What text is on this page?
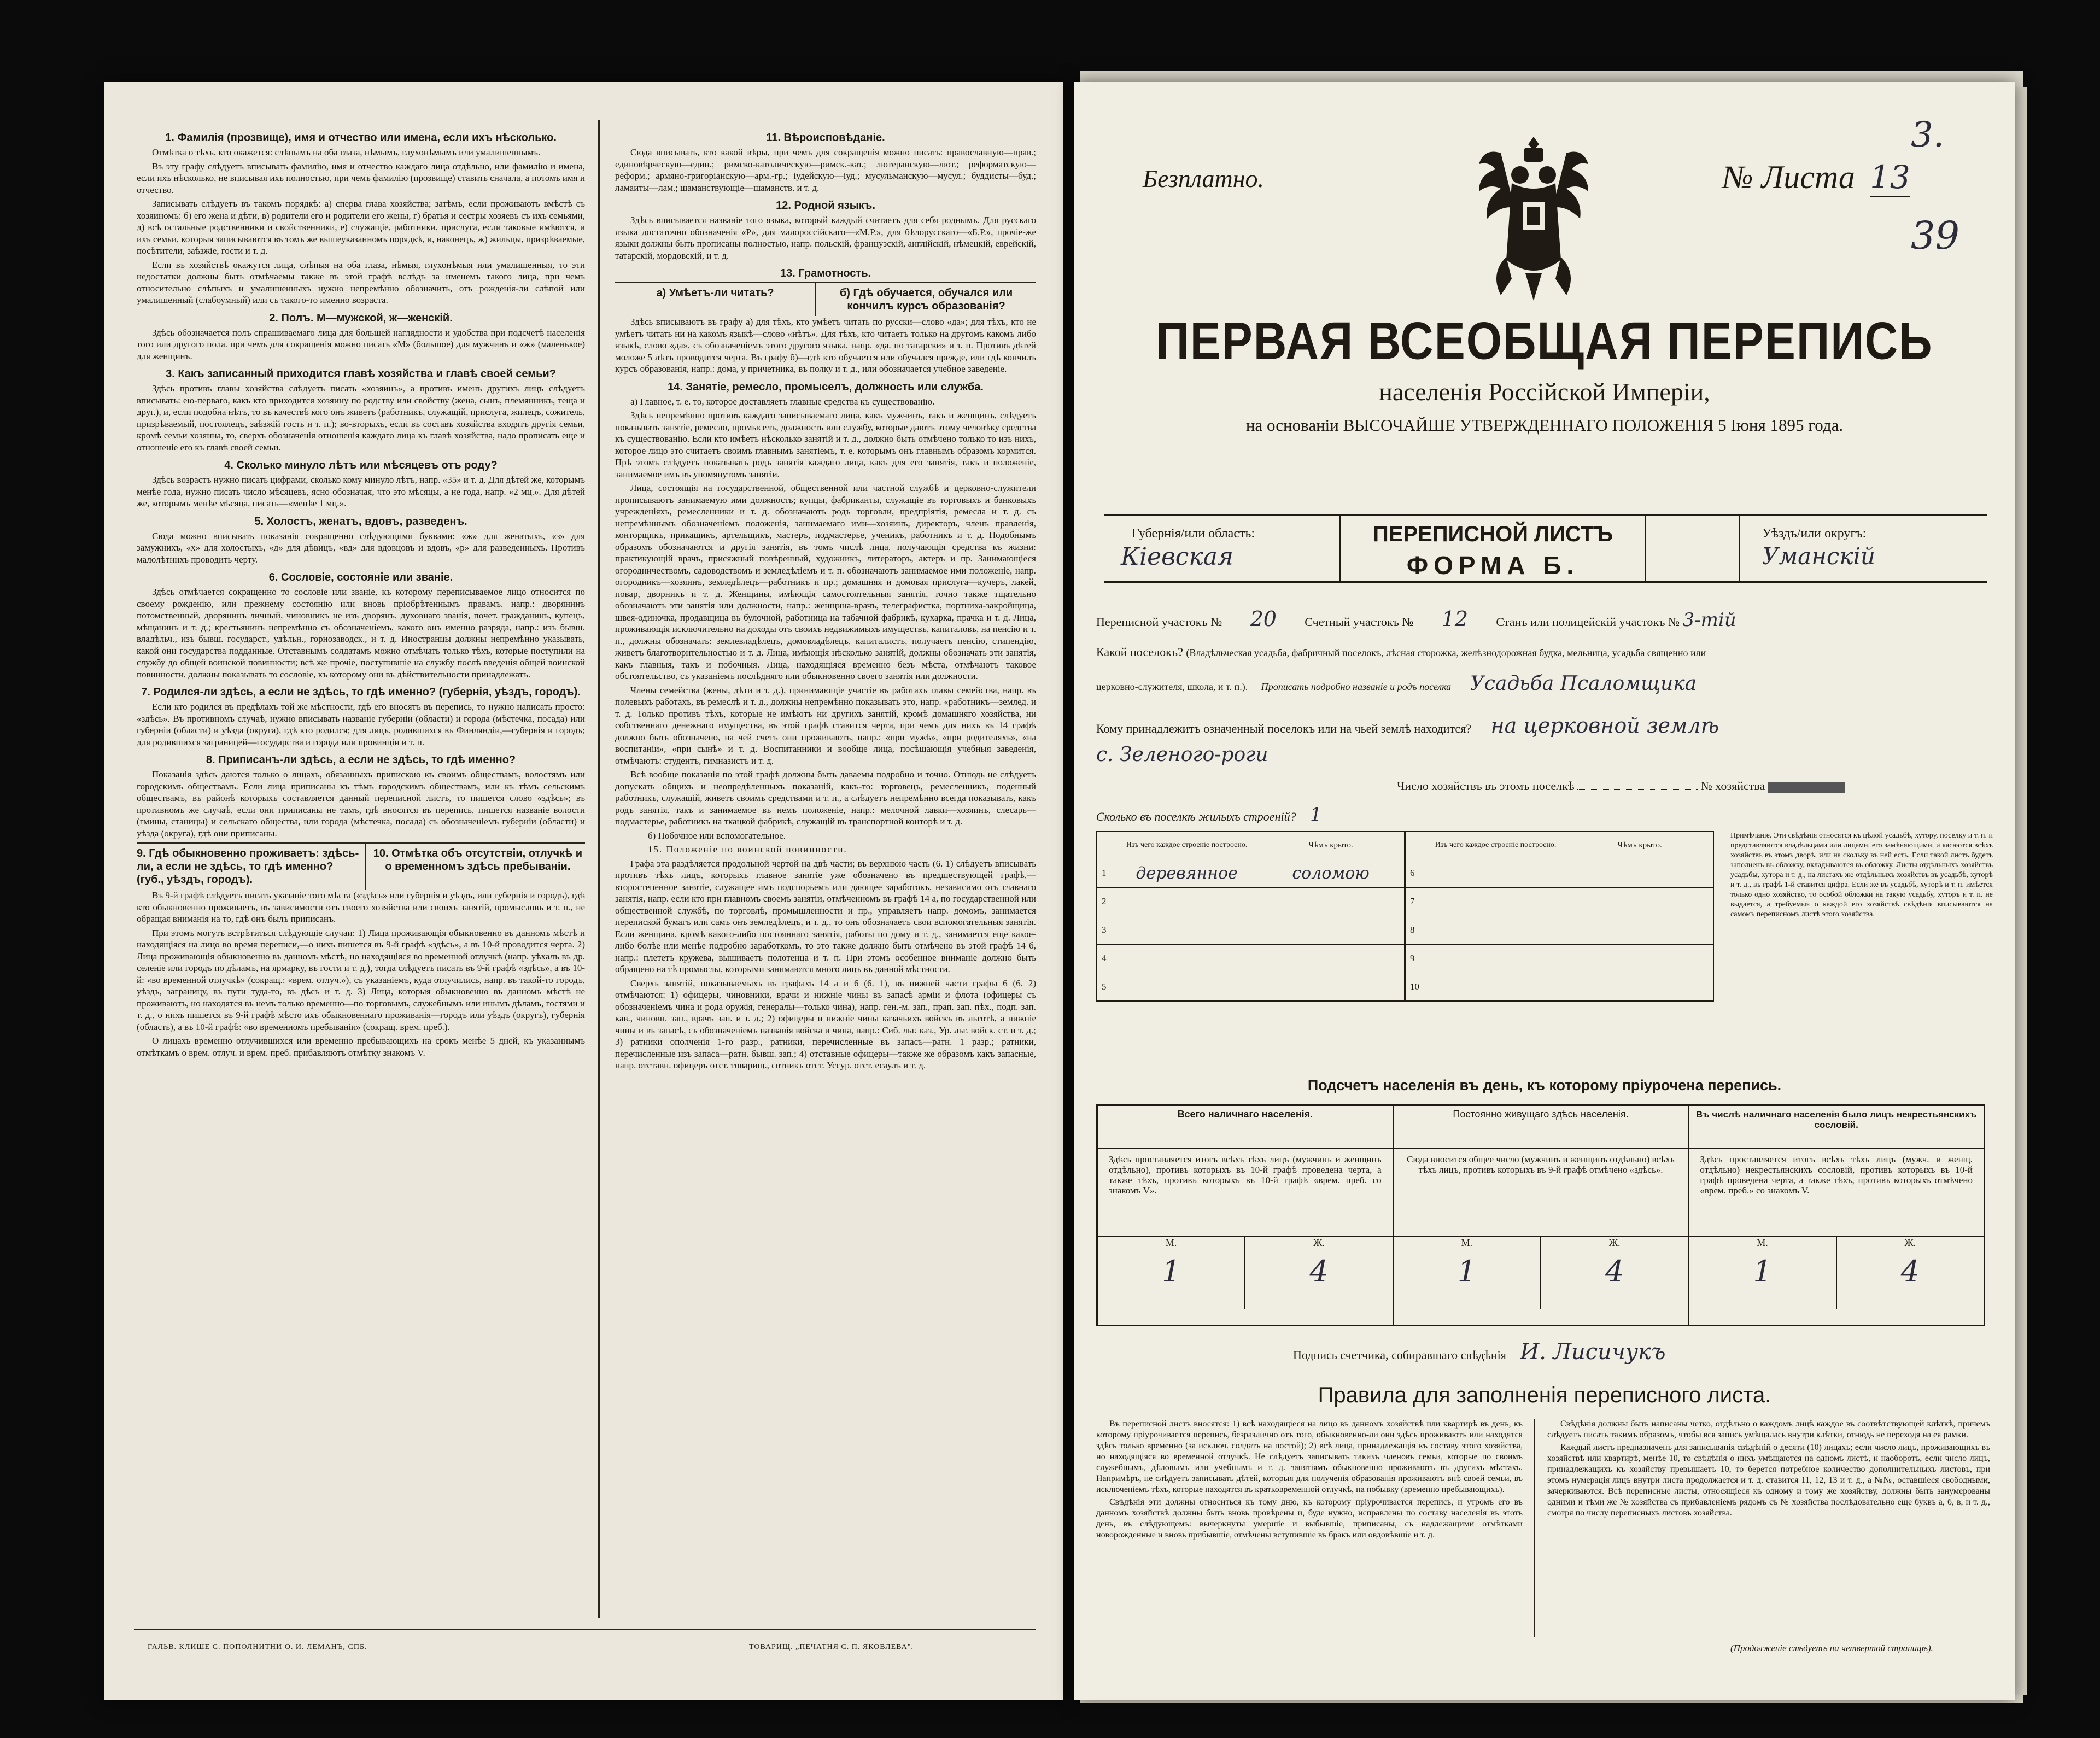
1. Фамилія (прозвище), имя и отчество или имена, если ихъ нѣсколько.

Отмѣтка о тѣхъ, кто окажется: слѣпымъ на оба глаза, нѣмымъ, глухонѣмымъ или умалишеннымъ.

Въ эту графу слѣдуетъ вписывать фамилію, имя и отчество каждаго лица отдѣльно, или фамилію и имена, если ихъ нѣсколько, не вписывая ихъ полностью, при чемъ фамилію (прозвище) ставить сначала, а потомъ имя и отчество.

Записывать слѣдуетъ въ такомъ порядкѣ: а) сперва глава хозяйства; затѣмъ, если проживаютъ вмѣстѣ съ хозяиномъ: б) его жена и дѣти, в) родители его и родители его жены, г) братья и сестры хозяевъ съ ихъ семьями, д) всѣ остальные родственники и свойственники, е) служащіе, работники, прислуга, если таковые имѣются, и ихъ семьи, которыя записываются въ томъ же вышеуказанномъ порядкѣ, и, наконецъ, ж) жильцы, призрѣваемые, посѣтители, заѣзжіе, гости и т. д.

Если въ хозяйствѣ окажутся лица, слѣпыя на оба глаза, нѣмыя, глухонѣмыя или умалишенныя, то эти недостатки должны быть отмѣчаемы также въ этой графѣ вслѣдъ за именемъ такого лица, при чемъ относительно слѣпыхъ и умалишенныхъ нужно непремѣнно обозначить, отъ рожденія-ли слѣпой или умалишенный (слабоумный) или съ такого-то именно возраста.

2. Полъ. М—мужской, ж—женскій.

Здѣсь обозначается полъ спрашиваемаго лица для большей наглядности и удобства при подсчетѣ населенія того или другого пола. при чемъ для сокращенія можно писать «М» (большое) для мужчинъ и «ж» (маленькое) для женщинъ.

3. Какъ записанный приходится главѣ хозяйства и главѣ своей семьи?

Здѣсь противъ главы хозяйства слѣдуетъ писать «хозяинъ», а противъ именъ другихъ лицъ слѣдуетъ вписывать: ею-перваго, какъ кто приходится хозяину по родству или свойству (жена, сынъ, племянникъ, теща и друг.), и, если подобна нѣтъ, то въ качествѣ кого онъ живетъ (работникъ, служащій, прислуга, жилецъ, сожитель, призрѣваемый, постоялецъ, заѣзжій гость и т. п.); во-вторыхъ, если въ составъ хозяйства входятъ другія семьи, кромѣ семьи хозяина, то, сверхъ обозначенія отношенія каждаго лица къ главѣ хозяйства, надо прописать еще и отношеніе его къ главѣ своей семьи.

4. Сколько минуло лѣтъ или мѣсяцевъ отъ роду?

Здѣсь возрастъ нужно писать цифрами, сколько кому минуло лѣтъ, напр. «35» и т. д. Для дѣтей же, которымъ менѣе года, нужно писать число мѣсяцевъ, ясно обозначая, что это мѣсяцы, а не года, напр. «2 мц.». Для дѣтей же, которымъ менѣе мѣсяца, писать—«менѣе 1 мц.».

5. Холостъ, женатъ, вдовъ, разведенъ.

Сюда можно вписывать показанія сокращенно слѣдующими буквами: «ж» для женатыхъ, «з» для замужнихъ, «х» для холостыхъ, «д» для дѣвицъ, «вд» для вдовцовъ и вдовъ, «р» для разведенныхъ. Противъ малолѣтнихъ проводить черту.

6. Сословіе, состояніе или званіе.

Здѣсь отмѣчается сокращенно то сословіе или званіе, къ которому переписываемое лицо относится по своему рожденію, или прежнему состоянію или вновь пріобрѣтеннымъ правамъ. напр.: дворянинъ потомственный, дворянинъ личный, чиновникъ не изъ дворянъ, духовнаго званія, почет. гражданинъ, купецъ, мѣщанинъ и т. д.; крестьянинъ непремѣнно съ обозначеніемъ, какого онъ именно разряда, напр.: изъ бывш. владѣльч., изъ бывш. государст., удѣльн., горнозаводск., и т. д. Иностранцы должны непремѣнно указывать, какой они государства подданные. Отставнымъ солдатамъ можно отмѣчать только тѣхъ, которые поступили на службу до общей воинской повинности; всѣ же прочіе, поступившіе на службу послѣ введенія общей воинской повинности, должны показывать то сословіе, къ которому они въ дѣйствительности принадлежатъ.

7. Родился-ли здѣсь, а если не здѣсь, то гдѣ именно? (губернія, уѣздъ, городъ).

Если кто родился въ предѣлахъ той же мѣстности, гдѣ его вносятъ въ перепись, то нужно написать просто: «здѣсь». Въ противномъ случаѣ, нужно вписывать названіе губерніи (области) и города (мѣстечка, посада) или губерніи (области) и уѣзда (округа), гдѣ кто родился; для лицъ, родившихся въ Финляндіи,—губернія и городъ; для родившихся заграницей—государства и города или провинціи и т. п.

8. Приписанъ-ли здѣсь, а если не здѣсь, то гдѣ именно?

Показанія здѣсь даются только о лицахъ, обязанныхъ припискою къ своимъ обществамъ, волостямъ или городскимъ обществамъ. Если лица приписаны къ тѣмъ городскимъ обществамъ, или къ тѣмъ сельскимъ обществамъ, въ районѣ которыхъ составляется данный переписной листъ, то пишется слово «здѣсь»; въ противномъ же случаѣ, если они приписаны не тамъ, гдѣ вносятся въ перепись, пишется названіе волости (гмины, станицы) и сельскаго общества, или города (мѣстечка, посада) съ обозначеніемъ губерніи (области) и уѣзда (округа), гдѣ они приписаны.

9. Гдѣ обыкновенно проживаетъ: здѣсь-ли, а если не здѣсь, то гдѣ именно? (губ., уѣздъ, городъ).
10. Отмѣтка объ отсутствіи, отлучкѣ и о временномъ здѣсь пребываніи.

Въ 9-й графѣ слѣдуетъ писать указаніе того мѣста («здѣсь» или губернія и уѣздъ, или губернія и городъ), гдѣ кто обыкновенно проживаетъ, въ зависимости отъ своего хозяйства или своихъ занятій, промысловъ и т. п., не обращая вниманія на то, гдѣ онъ былъ приписанъ.

При этомъ могутъ встрѣтиться слѣдующіе случаи: 1) Лица проживающія обыкновенно въ данномъ мѣстѣ и находящіяся на лицо во время переписи,—о нихъ пишется въ 9-й графѣ «здѣсь», а въ 10-й проводится черта. 2) Лица проживающія обыкновенно въ данномъ мѣстѣ, но находящіяся во временной отлучкѣ (напр. уѣхалъ въ др. селеніе или городъ по дѣламъ, на ярмарку, въ гости и т. д.), тогда слѣдуетъ писать въ 9-й графѣ «здѣсь», а въ 10-й: «во временной отлучкѣ» (сокращ.: «врем. отлуч.»), съ указаніемъ, куда отлучились, напр. въ такой-то городъ, уѣздъ, заграницу, въ пути туда-то, въ дѣсъ и т. д. 3) Лица, которыя обыкновенно въ данномъ мѣстѣ не проживаютъ, но находятся въ немъ только временно—по торговымъ, служебнымъ или инымъ дѣламъ, гостями и т. д., о нихъ пишется въ 9-й графѣ мѣсто ихъ обыкновеннаго проживанія—городъ или уѣздъ (округъ), губернія (область), а въ 10-й графѣ: «во временномъ пребываніи» (сокращ. врем. преб.).

О лицахъ временно отлучившихся или временно пребывающихъ на срокъ менѣе 5 дней, къ указаннымъ отмѣткамъ о врем. отлуч. и врем. преб. прибавляютъ отмѣтку знакомъ V.

11. Вѣроисповѣданіе.

Сюда вписывать, кто какой вѣры, при чемъ для сокращенія можно писать: православную—прав.; единовѣрческую—един.; римско-католическую—римск.-кат.; лютеранскую—лют.; реформатскую—реформ.; армяно-григоріанскую—арм.-гр.; іудейскую—іуд.; мусульманскую—мусул.; буддисты—буд.; ламаиты—лам.; шаманствующіе—шаманств. и т. д.

12. Родной языкъ.

Здѣсь вписывается названіе того языка, который каждый считаетъ для себя роднымъ. Для русскаго языка достаточно обозначенія «Р», для малороссійскаго—«М.Р.», для бѣлорусскаго—«Б.Р.», прочіе-же языки должны быть прописаны полностью, напр. польскій, французскій, англійскій, нѣмецкій, еврейскій, татарскій, мордовскій, и т. д.

13. Грамотность.
а) Умѣетъ-ли читать?	б) Гдѣ обучается, обучался или кончилъ курсъ образованія?

Здѣсь вписываютъ въ графу а) для тѣхъ, кто умѣетъ читать по русски—слово «да»; для тѣхъ, кто не умѣетъ читать ни на какомъ языкѣ—слово «нѣтъ». Для тѣхъ, кто читаетъ только на другомъ какомъ либо языкѣ, слово «да», съ обозначеніемъ этого другого языка, напр. «да. по татарски» и т. п. Противъ дѣтей моложе 5 лѣтъ проводится черта. Въ графу б)—гдѣ кто обучается или обучался прежде, или гдѣ кончилъ курсъ образованія, напр.: дома, у причетника, въ полку и т. д., или обозначается учебное заведеніе.

14. Занятіе, ремесло, промыселъ, должность или служба.

а) Главное, т. е. то, которое доставляетъ главные средства къ существованію.

Здѣсь непремѣнно противъ каждаго записываемаго лица, какъ мужчинъ, такъ и женщинъ, слѣдуетъ показывать занятіе, ремесло, промыселъ, должность или службу, которые даютъ этому человѣку средства къ существованію. Если кто имѣетъ нѣсколько занятій и т. д., должно быть отмѣчено только то изъ нихъ, которое лицо это считаетъ своимъ главнымъ занятіемъ, т. е. которымъ онъ главнымъ образомъ кормится. Прѣ этомъ слѣдуетъ показывать родъ занятія каждаго лица, какъ для его занятія, такъ и положеніе, занимаемое имъ въ упомянутомъ занятіи.

Лица, состоящія на государственной, общественной или частной службѣ и церковно-служители прописываютъ занимаемую ими должность; купцы, фабриканты, служащіе въ торговыхъ и банковыхъ учрежденіяхъ, ремесленники и т. д. обозначаютъ родъ торговли, предпріятія, ремесла и т. д. съ непремѣннымъ обозначеніемъ положенія, занимаемаго ими—хозяинъ, директоръ, членъ правленія, конторщикъ, прикащикъ, артельщикъ, мастеръ, подмастерье, ученикъ, работникъ и т. д. Подобнымъ образомъ обозначаются и другія занятія, въ томъ числѣ лица, получающія средства къ жизни: практикующій врачъ, присяжный повѣренный, художникъ, литераторъ, актеръ и пр. Занимающіеся огородничествомъ, садоводствомъ и земледѣліемъ и т. п. обозначаютъ занимаемое ими положеніе, напр. огородникъ—хозяинъ, земледѣлецъ—работникъ и пр.; домашняя и домовая прислуга—кучеръ, лакей, повар, дворникъ и т. д. Женщины, имѣющія самостоятельныя занятія, точно также тщательно обозначаютъ эти занятія или должности, напр.: женщина-врачъ, телеграфистка, портниха-закройщица, швея-одиночка, продавщица въ булочной, работница на табачной фабрикѣ, кухарка, прачка и т. д. Лица, проживающія исключительно на доходы отъ своихъ недвижимыхъ имуществъ, капиталовъ, на пенсію и т. п., должны обозначать: землевладѣлецъ, домовладѣлецъ, капиталистъ, получаетъ пенсію, стипендію, живетъ благотворительностью и т. д. Лица, имѣющія нѣсколько занятій, должны обозначать эти занятія, какъ главныя, такъ и побочныя. Лица, находящіяся временно безъ мѣста, отмѣчаютъ таковое обстоятельство, съ указаніемъ послѣдняго или обыкновенно своего занятія или должности.

Члены семейства (жены, дѣти и т. д.), принимающіе участіе въ работахъ главы семейства, напр. въ полевыхъ работахъ, въ ремеслѣ и т. д., должны непремѣнно показывать это, напр. «работникъ—землед. и т. д. Только противъ тѣхъ, которые не имѣютъ ни другихъ занятій, кромѣ домашняго хозяйства, ни собственнаго денежнаго имущества, въ этой графѣ ставится черта, при чемъ для нихъ въ 14 графѣ должно быть обозначено, на чей счетъ они проживаютъ, напр.: «при мужѣ», «при родителяхъ», «на воспитаніи», «при сынѣ» и т. д. Воспитанники и вообще лица, посѣщающія учебныя заведенія, отмѣчаютъ: студентъ, гимназистъ и т. д.

Всѣ вообще показанія по этой графѣ должны быть даваемы подробно и точно. Отнюдь не слѣдуетъ допускать общихъ и неопредѣленныхъ показаній, какъ-то: торговецъ, ремесленникъ, поденный работникъ, служащій, живетъ своимъ средствами и т. п., а слѣдуетъ непремѣнно всегда показывать, какъ родъ занятія, такъ и занимаемое въ немъ положеніе, напр.: мелочной лавки—хозяинъ, слесарь—подмастерье, работникъ на ткацкой фабрикѣ, служащій въ транспортной конторѣ и т. д.

б) Побочное или вспомогательное.

15. Положеніе по воинской повинности.

Графа эта раздѣляется продольной чертой на двѣ части; въ верхнюю часть (6. 1) слѣдуетъ вписывать противъ тѣхъ лицъ, которыхъ главное занятіе уже обозначено въ предшествующей графѣ,—второстепенное занятіе, служащее имъ подспорьемъ или дающее заработокъ, независимо отъ главнаго занятія, напр. если кто при главномъ своемъ занятіи, отмѣченномъ въ графѣ 14 а, по государственной или общественной службѣ, по торговлѣ, промышленности и пр., управляетъ напр. домомъ, занимается перепиской бумагъ или самъ онъ земледѣлецъ, и т. д., то онъ обозначаетъ свои вспомогательныя занятія. Если женщина, кромѣ какого-либо постояннаго занятія, работы по дому и т. д., занимается еще какое-либо болѣе или менѣе подробно заработкомъ, то это также должно быть отмѣчено въ этой графѣ 14 б, напр.: плететъ кружева, вышиваетъ полотенца и т. п. При этомъ особенное вниманіе должно быть обращено на тѣ промыслы, которыми занимаются много лицъ въ данной мѣстности.

Сверхъ занятій, показываемыхъ въ графахъ 14 а и 6 (6. 1), въ нижней части графы 6 (6. 2) отмѣчаются: 1) офицеры, чиновники, врачи и нижніе чины въ запасѣ арміи и флота (офицеры съ обозначеніемъ чина и рода оружія, генералы—только чина), напр. ген.-м. зап., прап. зап. пѣх., подп. зап. кав., чиновн. зап., врачъ зап. и т. д.; 2) офицеры и нижніе чины казачьихъ войскъ въ льготѣ, а нижніе чины и въ запасѣ, съ обозначеніемъ названія войска и чина, напр.: Сиб. льг. каз., Ур. льг. войск. ст. и т. д.; 3) ратники ополченія 1-го разр., ратники, перечисленные въ запасъ—ратн. 1 разр.; ратники, перечисленные изъ запаса—ратн. бывш. зап.; 4) отставные офицеры—также же образомъ какъ запасные, напр. отставн. офицеръ отст. товарищ., сотникъ отст. Уссур. отст. есаулъ и т. д.

ГАЛЬВ. КЛИШЕ С. ПОПОЛНИТНИ О. И. ЛЕМАНЪ, СПБ.	ТОВАРИЩ. „ПЕЧАТНЯ С. П. ЯКОВЛЕВА".
3.
39
Безплатно.	№ Листа 13
ПЕРВАЯ ВСЕОБЩАЯ ПЕРЕПИСЬ
населенія Россійской Имперіи,
на основаніи ВЫСОЧАЙШЕ УТВЕРЖДЕННАГО ПОЛОЖЕНІЯ 5 Іюня 1895 года.
Губернія/или область:
Кіевская
ПЕРЕПИСНОЙ ЛИСТЪ
ФОРМА Б.
Уѣздъ/или округъ:
Уманскій
Переписной участокъ № 20 Счетный участокъ № 12 Станъ или полицейскій участокъ № 3-тій
Какой поселокъ? (Владѣльческая усадьба, фабричный поселокъ, лѣсная сторожка, желѣзнодорожная будка, мельница, усадьба священно или
церковно-служителя, школа, и т. п.). Прописать подробно названіе и родъ поселка Усадьба Псаломщика
Кому принадлежитъ означенный поселокъ или на чьей землѣ находится? на церковной землѣ
с. Зеленого-роги
Число хозяйствъ въ этомъ поселкѣ	№ хозяйства
Сколько въ поселкѣ жилыхъ строеній? 1
	Изъ чего каждое строеніе построено.	Чѣмъ крыто.		Изъ чего каждое строеніе построено.	Чѣмъ крыто.
1	деревянное	соломою	6		
2			7		
3			8		
4			9		
5			10		
Примѣчаніе. Эти свѣдѣнія относятся къ цѣлой усадьбѣ, хутору, поселку и т. п. и представляются владѣльцами или лицами, его замѣняющими, и касаются всѣхъ хозяйствъ въ этомъ дворѣ, или на скольку въ ней есть. Если такой листъ будетъ заполненъ въ обложку, вкладываются въ обложку. Листы отдѣльныхъ хозяйствъ усадьбы, хутора и т. д., на листахъ же отдѣльныхъ хозяйствъ въ усадьбѣ, хуторѣ и т. д., въ графѣ 1-й ставится цифра. Если же въ усадьбѣ, хуторѣ и т. п. имѣется только одно хозяйство, то особой обложки на такую усадьбу, хуторъ и т. п. не выдается, а требуемыя о каждой его хозяйствѣ свѣдѣнія вписываются на самомъ переписномъ листѣ этого хозяйства.
Подсчетъ населенія въ день, къ которому пріурочена перепись.
Всего наличнаго населенія.
Здѣсь проставляется итогъ всѣхъ тѣхъ лицъ (мужчинъ и женщинъ отдѣльно), противъ которыхъ въ 10-й графѣ проведена черта, а также тѣхъ, противъ которыхъ въ 10-й графѣ «врем. преб. со знакомъ V».
М.	Ж.
1	4
Постоянно живущаго здѣсь населенія.
Сюда вносится общее число (мужчинъ и женщинъ отдѣльно) всѣхъ тѣхъ лицъ, противъ которыхъ въ 9-й графѣ отмѣчено «здѣсь».
М.	Ж.
1	4
Въ числѣ наличнаго населенія было лицъ некрестьянскихъ сословій.
Здѣсь проставляется итогъ всѣхъ тѣхъ лицъ (мужч. и женщ. отдѣльно) некрестьянскихъ сословій, противъ которыхъ въ 10-й графѣ проведена черта, а также тѣхъ, противъ которыхъ отмѣчено «врем. преб.» со знакомъ V.
М.	Ж.
1	4
Подпись счетчика, собиравшаго свѣдѣнія И. Лисичукъ
Правила для заполненія переписного листа.

Въ переписной листъ вносятся: 1) всѣ находящіеся на лицо въ данномъ хозяйствѣ или квартирѣ въ день, къ которому пріурочивается перепись, безразлично отъ того, обыкновенно-ли они здѣсь проживаютъ или находятся здѣсь только временно (за исключ. солдатъ на постой); 2) всѣ лица, принадлежащія къ составу этого хозяйства, но находящіяся во временной отлучкѣ. Не слѣдуетъ записывать такихъ членовъ семьи, которые по своимъ служебнымъ, дѣловымъ или учебнымъ и т. д. занятіямъ обыкновенно проживаютъ въ другихъ мѣстахъ. Напримѣръ, не слѣдуетъ записывать дѣтей, которыя для полученія образованія проживаютъ внѣ своей семьи, въ исключеніемъ тѣхъ, которые находятся въ кратковременной отлучкѣ, на побывку (временно пребывающихъ).

Свѣдѣнія эти должны относиться къ тому дню, къ которому пріурочивается перепись, и утромъ его въ данномъ хозяйствѣ должны быть вновь провѣрены и, буде нужно, исправлены по составу населенія въ этотъ день, въ слѣдующемъ: вычеркнуты умершіе и выбывшіе, приписаны, съ надлежащими отмѣтками новорожденные и вновь прибывшіе, отмѣчены вступившіе въ бракъ или овдовѣвшіе и т. д.

Свѣдѣнія должны быть написаны четко, отдѣльно о каждомъ лицѣ каждое въ соотвѣтствующей клѣткѣ, причемъ слѣдуетъ писать такимъ образомъ, чтобы вся запись умѣщалась внутри клѣтки, отнюдь не переходя на ея рамки.

Каждый листъ предназначенъ для записыванія свѣдѣній о десяти (10) лицахъ; если число лицъ, проживающихъ въ хозяйствѣ или квартирѣ, менѣе 10, то свѣдѣнія о нихъ умѣщаются на одномъ листѣ, и наоборотъ, если число лицъ, принадлежащихъ къ хозяйству превышаетъ 10, то берется потребное количество дополнительныхъ листовъ, при этомъ нумерація лицъ внутри листа продолжается и т. д. ставится 11, 12, 13 и т. д., а №№, оставшіеся свободными, зачеркиваются. Всѣ переписные листы, относящіеся къ одному и тому же хозяйству, должны быть занумерованы одними и тѣми же № хозяйства съ прибавленіемъ рядомъ съ № хозяйства послѣдовательно еще буквъ а, б, в, и т. д., смотря по числу переписныхъ листовъ хозяйства.

(Продолженіе слѣдуетъ на четвертой страницѣ).
